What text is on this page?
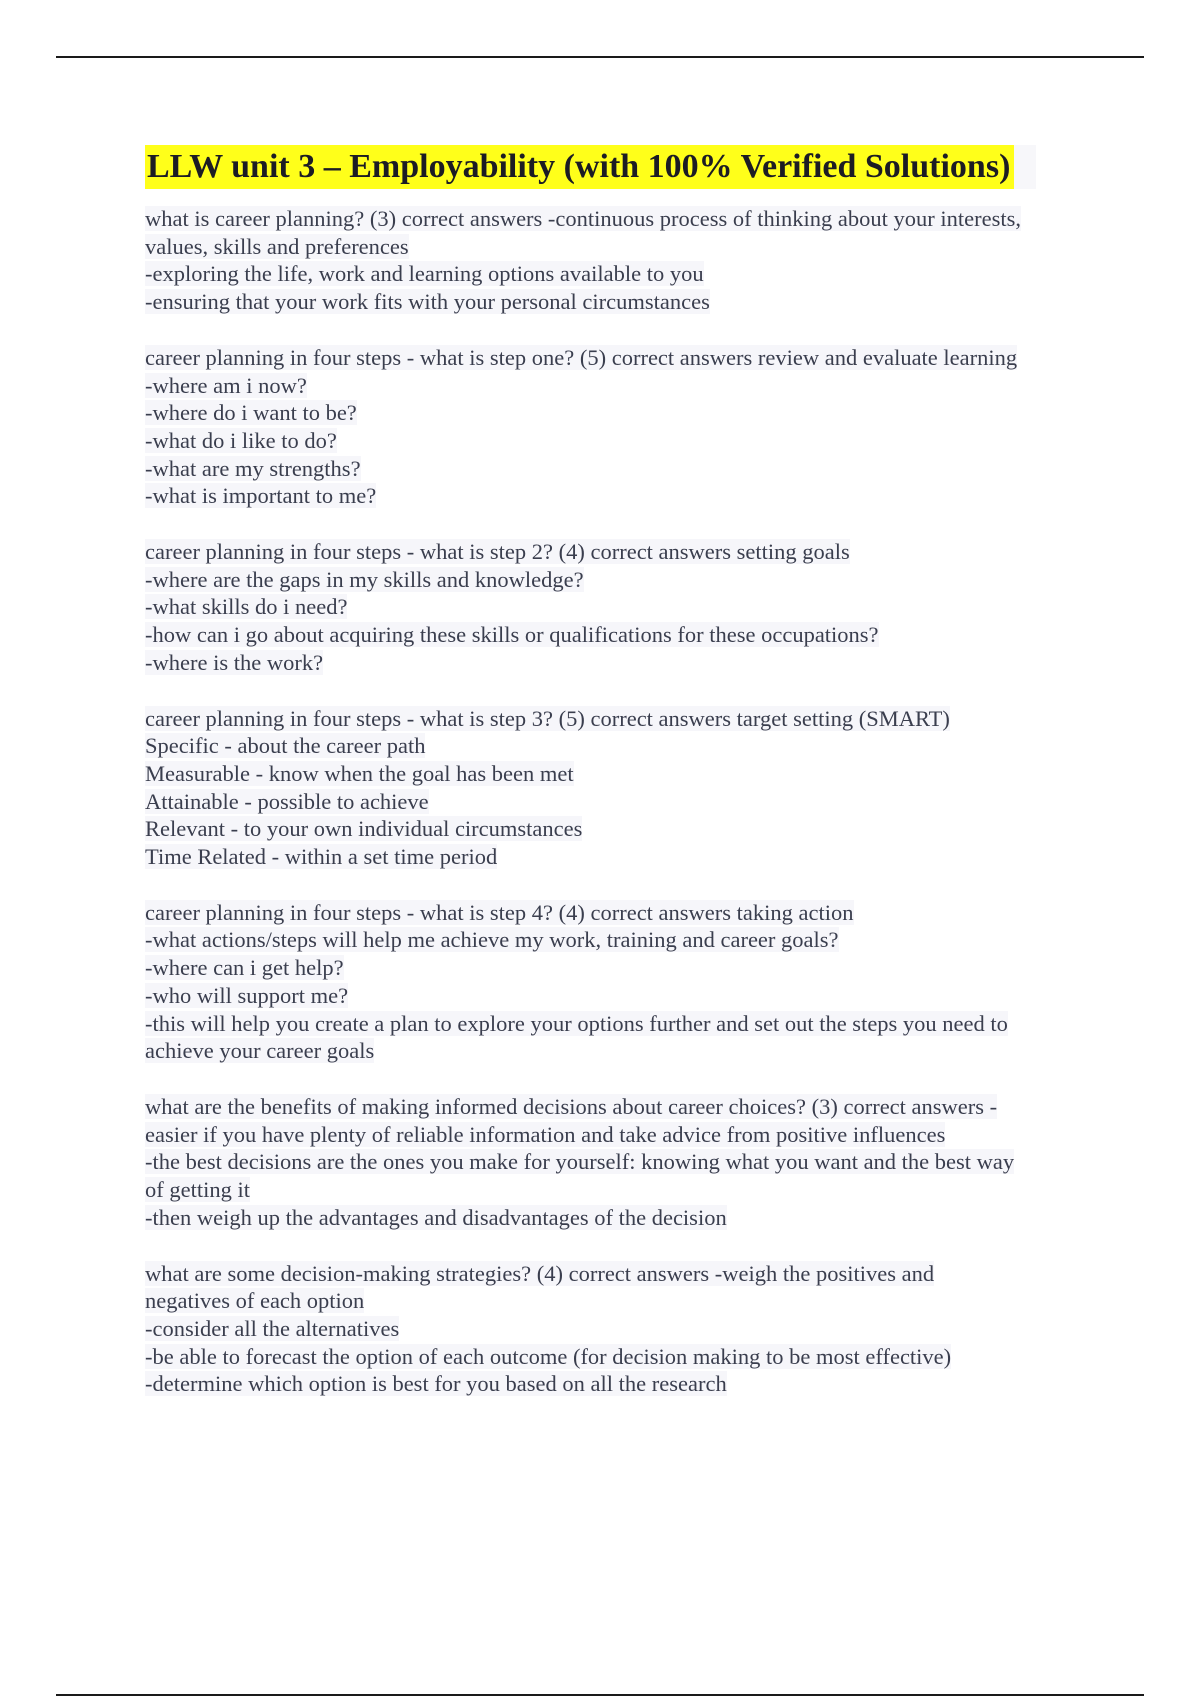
LLW unit 3 – Employability (with 100% Verified Solutions)
what is career planning? (3) correct answers -continuous process of thinking about your interests,
values, skills and preferences
-exploring the life, work and learning options available to you
-ensuring that your work fits with your personal circumstances
career planning in four steps - what is step one? (5) correct answers review and evaluate learning
-where am i now?
-where do i want to be?
-what do i like to do?
-what are my strengths?
-what is important to me?
career planning in four steps - what is step 2? (4) correct answers setting goals
-where are the gaps in my skills and knowledge?
-what skills do i need?
-how can i go about acquiring these skills or qualifications for these occupations?
-where is the work?
career planning in four steps - what is step 3? (5) correct answers target setting (SMART)
Specific - about the career path
Measurable - know when the goal has been met
Attainable - possible to achieve
Relevant - to your own individual circumstances
Time Related - within a set time period
career planning in four steps - what is step 4? (4) correct answers taking action
-what actions/steps will help me achieve my work, training and career goals?
-where can i get help?
-who will support me?
-this will help you create a plan to explore your options further and set out the steps you need to
achieve your career goals
what are the benefits of making informed decisions about career choices? (3) correct answers -
easier if you have plenty of reliable information and take advice from positive influences
-the best decisions are the ones you make for yourself: knowing what you want and the best way
of getting it
-then weigh up the advantages and disadvantages of the decision
what are some decision-making strategies? (4) correct answers -weigh the positives and
negatives of each option
-consider all the alternatives
-be able to forecast the option of each outcome (for decision making to be most effective)
-determine which option is best for you based on all the research
